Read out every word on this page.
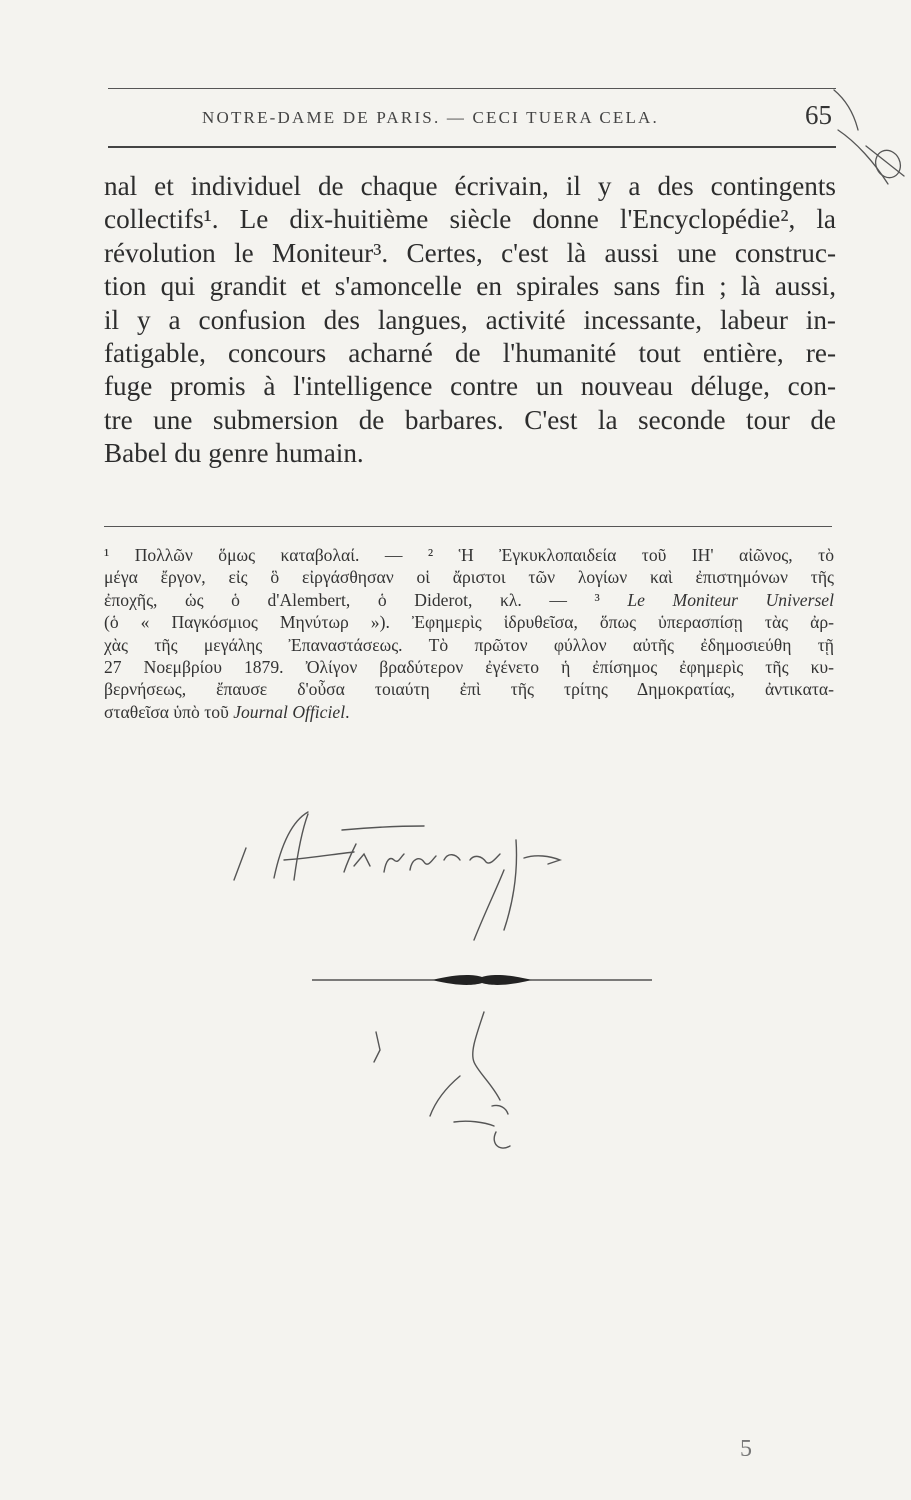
NOTRE-DAME DE PARIS. — CECI TUERA CELA.	65
nal et individuel de chaque écrivain, il y a des contingents
collectifs¹. Le dix-huitième siècle donne l'Encyclopédie², la
révolution le Moniteur³. Certes, c'est là aussi une construc-
tion qui grandit et s'amoncelle en spirales sans fin ; là aussi,
il y a confusion des langues, activité incessante, labeur in-
fatigable, concours acharné de l'humanité tout entière, re-
fuge promis à l'intelligence contre un nouveau déluge, con-
tre une submersion de barbares. C'est la seconde tour de
Babel du genre humain.
¹ Πολλῶν ὅμως καταβολαί. — ² Ἡ Ἐγκυκλοπαιδεία τοῦ ΙΗ' αἰῶνος, τὸ
μέγα ἔργον, εἰς ὃ εἰργάσθησαν οἱ ἄριστοι τῶν λογίων καὶ ἐπιστημόνων τῆς
ἐποχῆς, ὡς ὁ d'Alembert, ὁ Diderot, κλ. — ³ Le Moniteur Universel
(ὁ « Παγκόσμιος Μηνύτωρ »). Ἐφημερὶς ἱδρυθεῖσα, ὅπως ὑπερασπίσῃ τὰς ἀρ-
χὰς τῆς μεγάλης Ἐπαναστάσεως. Τὸ πρῶτον φύλλον αὐτῆς ἐδημοσιεύθη τῇ
27 Νοεμβρίου 1879. Ὀλίγον βραδύτερον ἐγένετο ἡ ἐπίσημος ἐφημερὶς τῆς κυ-
βερνήσεως, ἔπαυσε δ'οὖσα τοιαύτη ἐπὶ τῆς τρίτης Δημοκρατίας, ἀντικατα-
σταθεῖσα ὑπὸ τοῦ Journal Officiel.
5
